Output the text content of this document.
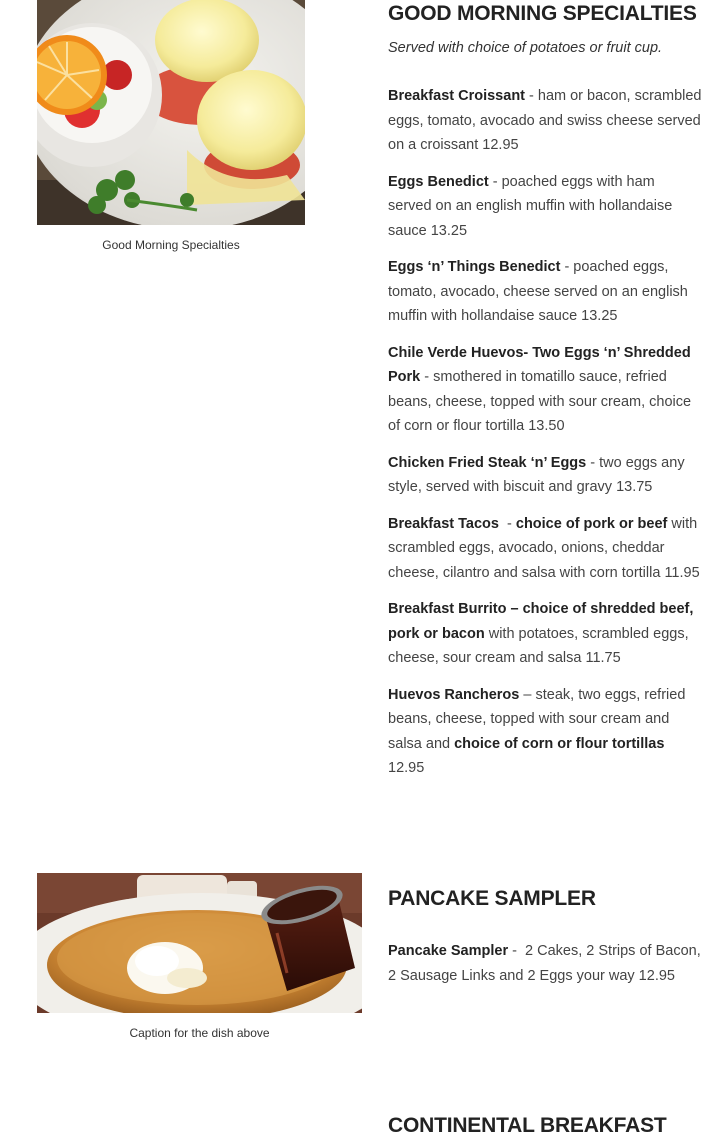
Good Morning Specialties
GOOD MORNING SPECIALTIES

Served with choice of potatoes or fruit cup.

Breakfast Croissant - ham or bacon, scrambled eggs, tomato, avocado and swiss cheese served on a croissant 12.95

Eggs Benedict - poached eggs with ham served on an english muffin with hollandaise sauce 13.25

Eggs ‘n’ Things Benedict - poached eggs, tomato, avocado, cheese served on an english muffin with hollandaise sauce 13.25

Chile Verde Huevos- Two Eggs ‘n’ Shredded Pork - smothered in tomatillo sauce, refried beans, cheese, topped with sour cream, choice of corn or flour tortilla 13.50

Chicken Fried Steak ‘n’ Eggs - two eggs any style, served with biscuit and gravy 13.75

Breakfast Tacos  - choice of pork or beef with scrambled eggs, avocado, onions, cheddar cheese, cilantro and salsa with corn tortilla 11.95

Breakfast Burrito – choice of shredded beef, pork or bacon with potatoes, scrambled eggs, cheese, sour cream and salsa 11.75

Huevos Rancheros – steak, two eggs, refried beans, cheese, topped with sour cream and salsa and choice of corn or flour tortillas 12.95

Caption for the dish above
PANCAKE SAMPLER

Pancake Sampler -  2 Cakes, 2 Strips of Bacon, 2 Sausage Links and 2 Eggs your way 12.95

CONTINENTAL BREAKFAST
